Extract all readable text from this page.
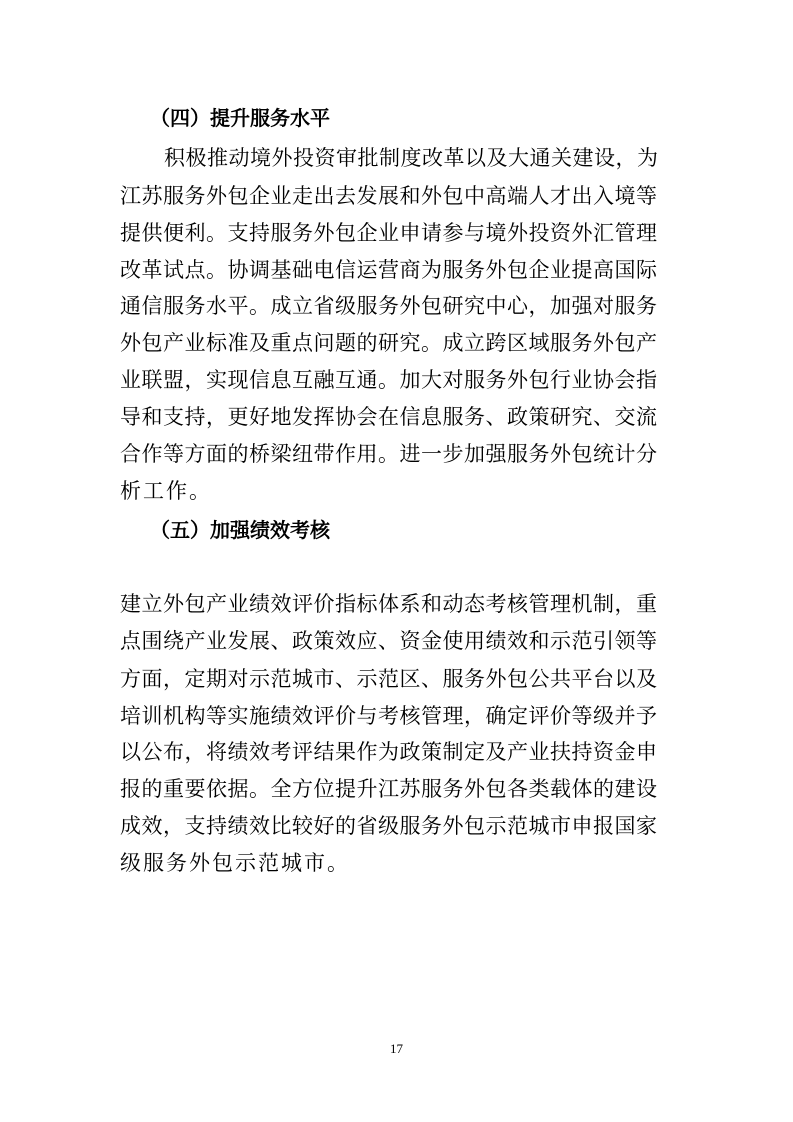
（四）提升服务水平

积极推动境外投资审批制度改革以及大通关建设，为

江苏服务外包企业走出去发展和外包中高端人才出入境等

提供便利。支持服务外包企业申请参与境外投资外汇管理

改革试点。协调基础电信运营商为服务外包企业提高国际

通信服务水平。成立省级服务外包研究中心，加强对服务

外包产业标准及重点问题的研究。成立跨区域服务外包产

业联盟，实现信息互融互通。加大对服务外包行业协会指

导和支持，更好地发挥协会在信息服务、政策研究、交流

合作等方面的桥梁纽带作用。进一步加强服务外包统计分

析工作。

（五）加强绩效考核

建立外包产业绩效评价指标体系和动态考核管理机制，重

点围绕产业发展、政策效应、资金使用绩效和示范引领等

方面，定期对示范城市、示范区、服务外包公共平台以及

培训机构等实施绩效评价与考核管理，确定评价等级并予

以公布，将绩效考评结果作为政策制定及产业扶持资金申

报的重要依据。全方位提升江苏服务外包各类载体的建设

成效，支持绩效比较好的省级服务外包示范城市申报国家

级服务外包示范城市。

17
